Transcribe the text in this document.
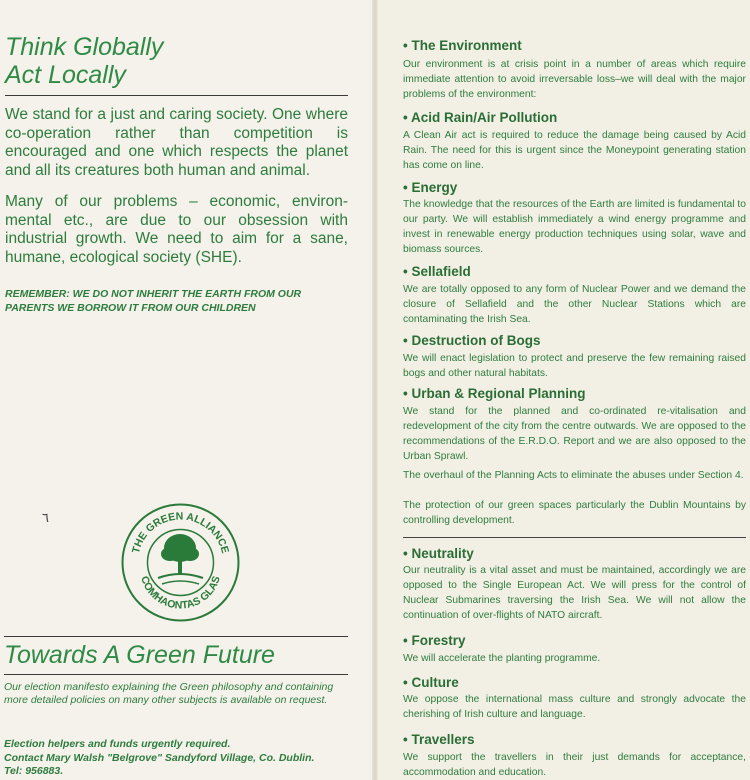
Think Globally
Act Locally
We stand for a just and caring society. One where co-operation rather than competition is encouraged and one which respects the planet and all its creatures both human and animal.
Many of our problems – economic, environ-mental etc., are due to our obsession with industrial growth. We need to aim for a sane, humane, ecological society (SHE).
REMEMBER: WE DO NOT INHERIT THE EARTH FROM OUR PARENTS WE BORROW IT FROM OUR CHILDREN
٦
THE GREEN ALLIANCE
COMHAONTAS GLAS
Towards A Green Future
Our election manifesto explaining the Green philosophy and containing more detailed policies on many other subjects is available on request.
Election helpers and funds urgently required.
Contact Mary Walsh "Belgrove" Sandyford Village, Co. Dublin.
Tel: 956883.
• The Environment
Our environment is at crisis point in a number of areas which require immediate attention to avoid irreversable loss–we will deal with the major problems of the environment:
• Acid Rain/Air Pollution
A Clean Air act is required to reduce the damage being caused by Acid Rain. The need for this is urgent since the Moneypoint generating station has come on line.
• Energy
The knowledge that the resources of the Earth are limited is fundamental to our party. We will establish immediately a wind energy programme and invest in renewable energy production techniques using solar, wave and biomass sources.
• Sellafield
We are totally opposed to any form of Nuclear Power and we demand the closure of Sellafield and the other Nuclear Stations which are contaminating the Irish Sea.
• Destruction of Bogs
We will enact legislation to protect and preserve the few remaining raised bogs and other natural habitats.
• Urban & Regional Planning
We stand for the planned and co-ordinated re-vitalisation and redevelopment of the city from the centre outwards. We are opposed to the recommendations of the E.R.D.O. Report and we are also opposed to the Urban Sprawl.
The overhaul of the Planning Acts to eliminate the abuses under Section 4.
The protection of our green spaces particularly the Dublin Mountains by controlling development.
• Neutrality
Our neutrality is a vital asset and must be maintained, accordingly we are opposed to the Single European Act. We will press for the control of Nuclear Submarines traversing the Irish Sea. We will not allow the continuation of over-flights of NATO aircraft.
• Forestry
We will accelerate the planting programme.
• Culture
We oppose the international mass culture and strongly advocate the cherishing of Irish culture and language.
• Travellers
We support the travellers in their just demands for acceptance, accommodation and education.
